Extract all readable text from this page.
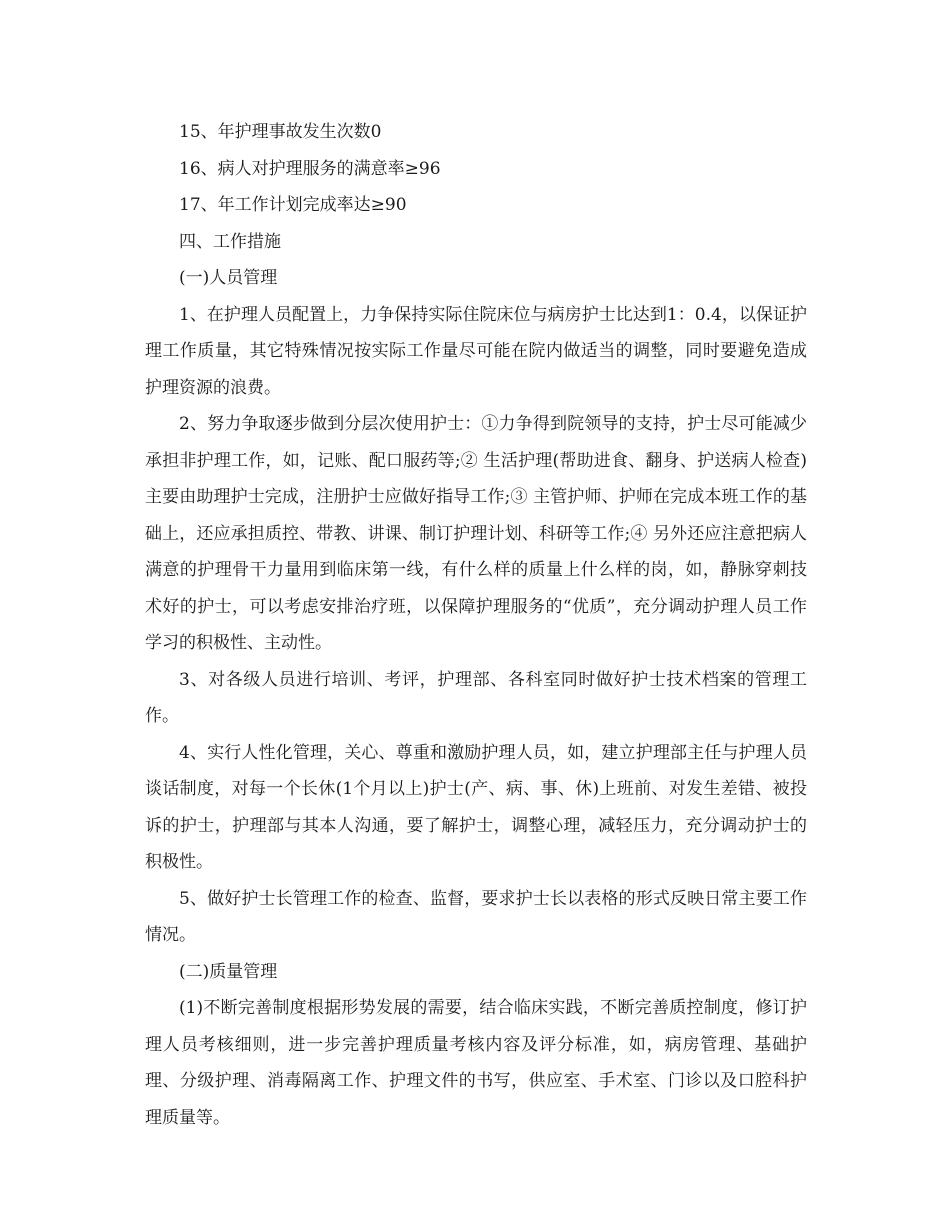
15、年护理事故发生次数0

16、病人对护理服务的满意率≥96

17、年工作计划完成率达≥90

四、工作措施

(一)人员管理

1、在护理人员配置上，力争保持实际住院床位与病房护士比达到1：0.4，以保证护理工作质量，其它特殊情况按实际工作量尽可能在院内做适当的调整，同时要避免造成护理资源的浪费。

2、努力争取逐步做到分层次使用护士：①力争得到院领导的支持，护士尽可能减少承担非护理工作，如，记账、配口服药等;② 生活护理(帮助进食、翻身、护送病人检查)主要由助理护士完成，注册护士应做好指导工作;③ 主管护师、护师在完成本班工作的基础上，还应承担质控、带教、讲课、制订护理计划、科研等工作;④ 另外还应注意把病人满意的护理骨干力量用到临床第一线，有什么样的质量上什么样的岗，如，静脉穿刺技术好的护士，可以考虑安排治疗班，以保障护理服务的“优质”，充分调动护理人员工作学习的积极性、主动性。

3、对各级人员进行培训、考评，护理部、各科室同时做好护士技术档案的管理工作。

4、实行人性化管理，关心、尊重和激励护理人员，如，建立护理部主任与护理人员谈话制度，对每一个长休(1个月以上)护士(产、病、事、休)上班前、对发生差错、被投诉的护士，护理部与其本人沟通，要了解护士，调整心理，减轻压力，充分调动护士的积极性。

5、做好护士长管理工作的检查、监督，要求护士长以表格的形式反映日常主要工作情况。

(二)质量管理

(1)不断完善制度根据形势发展的需要，结合临床实践，不断完善质控制度，修订护理人员考核细则，进一步完善护理质量考核内容及评分标准，如，病房管理、基础护理、分级护理、消毒隔离工作、护理文件的书写，供应室、手术室、门诊以及口腔科护理质量等。
